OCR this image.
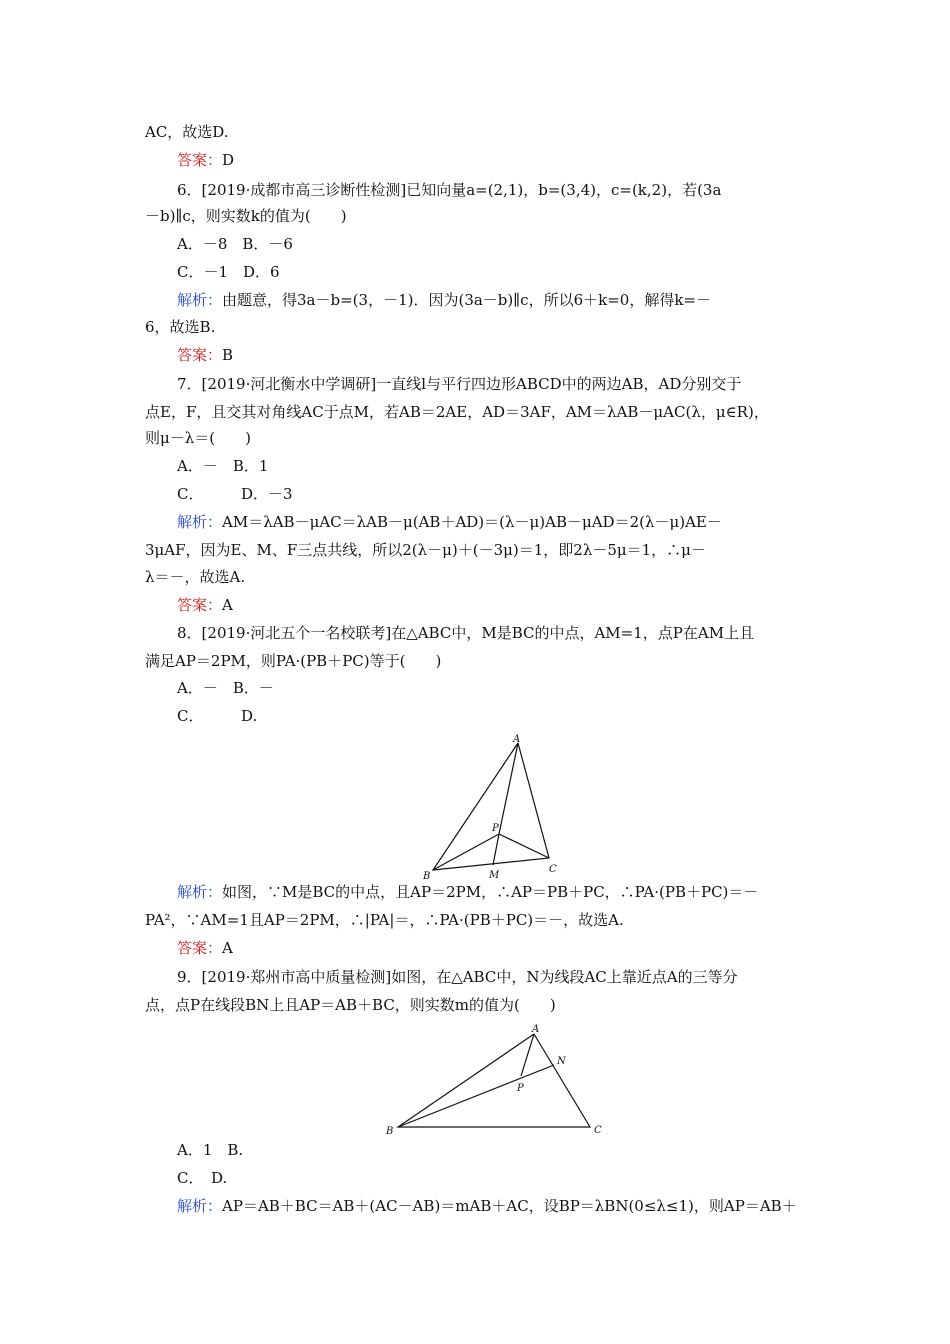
AC，故选D.
答案：D
6．[2019·成都市高三诊断性检测]已知向量a=(2,1)，b=(3,4)，c=(k,2)，若(3a
－b)∥c，则实数k的值为(　　)
A．－8　B．－6
C．－1　D．6
解析：由题意，得3a－b=(3，－1)．因为(3a－b)∥c，所以6＋k=0，解得k=－
6，故选B.
答案：B
7．[2019·河北衡水中学调研]一直线l与平行四边形ABCD中的两边AB，AD分别交于
点E，F，且交其对角线AC于点M，若AB＝2AE，AD＝3AF，AM＝λAB－μAC(λ，μ∈R)，
则μ－λ＝(　　)
A．－　B．1
C．　　　D．－3
解析：AM＝λAB－μAC＝λAB－μ(AB＋AD)＝(λ－μ)AB－μAD＝2(λ－μ)AE－
3μAF，因为E、M、F三点共线，所以2(λ－μ)＋(－3μ)＝1，即2λ－5μ＝1，∴μ－
λ＝－，故选A.
答案：A
8．[2019·河北五个一名校联考]在△ABC中，M是BC的中点，AM=1，点P在AM上且
满足AP＝2PM，则PA·(PB＋PC)等于(　　)
A．－　B．－
C．　　　D.
A
P
B	M
C
解析：如图，∵M是BC的中点，且AP＝2PM，∴AP＝PB＋PC，∴PA·(PB＋PC)＝－
PA²，∵AM=1且AP＝2PM，∴|PA|＝，∴PA·(PB＋PC)＝－，故选A.
答案：A
9．[2019·郑州市高中质量检测]如图，在△ABC中，N为线段AC上靠近点A的三等分
点，点P在线段BN上且AP＝AB＋BC，则实数m的值为(　　)
A
N
P
B	C
A．1　B.
C．　D.
解析：AP＝AB＋BC＝AB＋(AC－AB)＝mAB＋AC，设BP＝λBN(0≤λ≤1)，则AP＝AB＋
